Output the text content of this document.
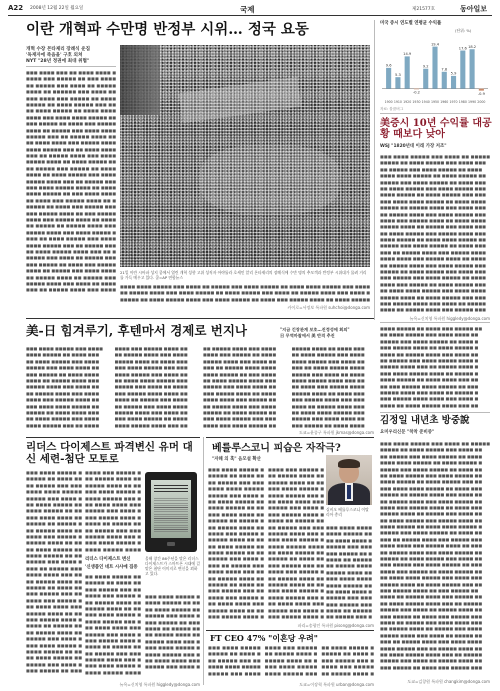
A22 2008년 12월 22일 월요일	국제	제21577호	동아일보
이란 개혁파 수만명 반정부 시위… 정국 요동
개혁 수장 몬타제리 장례식 운집
'독재자에 죽음을' 구호 외쳐
NYT "28년 정권에 최대 위협"
■■■ ■■■■ ■■■ ■■ ■■■■ ■■■■ ■
■■■■ ■■■ ■■■■■ ■■ ■■■ ■■■■
■■ ■■■■■ ■■■ ■■■■ ■■ ■■■■■
■■■■ ■■ ■■■■■■ ■■■ ■■■■ ■■
■■■ ■■■■ ■■■ ■■■■■ ■■ ■■■■
■■■■■ ■■ ■■■■ ■■■■■ ■■■ ■■
■■ ■■■■ ■■■■■ ■■ ■■■■ ■■■■
■■■■ ■■■ ■■■■ ■■■■ ■■■■■ ■■
■■■ ■■■■■ ■■ ■■■■ ■■■ ■■■■■
■■■■ ■■ ■■■■■ ■■■ ■■■■ ■■■■
■■■■■ ■■■ ■■ ■■■■■ ■■■■ ■■
■■ ■■■■ ■■■■ ■■■ ■■■■■ ■■■■
■■■■ ■■■■■ ■■■ ■■ ■■■■ ■■■■
■■■ ■■ ■■■■■ ■■■■ ■■■ ■■■■
■■■■■ ■■■■ ■■ ■■■■ ■■■■■ ■■
■■ ■■■■■ ■■■ ■■■■■ ■■ ■■■■
■■■■ ■■ ■■■■ ■■■■■ ■■■ ■■■■
■■■■■ ■■■■ ■■■ ■■ ■■■■■ ■■■
■■■ ■■■■ ■■■■■ ■■■■ ■■ ■■■■
■■■■ ■■■■■ ■■ ■■■ ■■■■ ■■■■
■■ ■■■■ ■■■ ■■■■■ ■■■■ ■■ ■
■■■■■ ■■ ■■■■ ■■■ ■■■■■ ■■■
■■■ ■■■■■ ■■■■ ■■ ■■■ ■■■■■
■■■■ ■■■ ■■■■■ ■■■■ ■■ ■■■■
■■ ■■■■■ ■■ ■■■■■ ■■■■ ■■■
■■■■■ ■■■■ ■■■ ■■■■ ■■■■■ ■
■■■ ■■ ■■■■ ■■■■■ ■■■ ■■■■
■■■■ ■■■■■ ■■■ ■■ ■■■■■ ■■■
■■ ■■■■ ■■■■■ ■■■■ ■■■ ■■ ■
■■■■■ ■■■ ■■■■ ■■ ■■■■■ ■■■
■■■ ■■■■■ ■■ ■■■■ ■■■ ■■■■■
■■■■ ■■ ■■■■■ ■■■ ■■■■ ■■■■
■■ ■■■■■ ■■■■ ■■ ■■■■■ ■■■
■■■■■ ■■■■ ■■■ ■■■■ ■■ ■■■■
■■■ ■■ ■■■■■ ■■■■ ■■■ ■■■■
21일 이란 시아파 성지 쿰에서 열린 개혁 성향 고위 성직자 아야톨라 호세인 알리 몬타제리의 장례식에 수만 명의 추모객과 반정부 시위대가 몰려 거리를 가득 메우고 있다. 쿰=AP 연합뉴스
■■■■ ■■■■ ■■■■■ ■■■ ■■■■ ■■ ■■■■■ ■■■ ■■■■ ■■■■■ ■■ ■■■■ ■■■■ ■■■■■ ■■■ ■■■■
■■ ■■■■■ ■■■■ ■■■ ■■■■ ■■■■■ ■■ ■■■■ ■■■■■ ■■■ ■■■■ ■■ ■■■■■ ■■■■ ■■■ ■■■■ ■
■■■■■ ■■ ■■■■ ■■■■■ ■■■■ ■■■ ■■■■ ■■■■■ ■■ ■■■■ ■■■ ■■■■■ ■■■■ ■■ ■■■■ ■■■■■
카이로=서정보 특파원 suhchoi@donga.com
미국 증시 연도별 연평균 수익률
(단위: %)
9.6
1900
5.3
1910
14.9
1920
-0.2
1930
9.2
1940
19.4
1950
7.8
1960
5.9
1970
17.6
1980
18.2
1990
-0.9
2000
자료: 블룸버그
美증시 10년 수익률 대공황 때보다 낮아
WSJ "1820년대 이래 가장 저조"
■■■ ■■■■ ■■■■■ ■■■ ■■■■ ■■ ■■■■■
■■■■■ ■■ ■■■■ ■■■■■ ■■■ ■■■■ ■■■
■■ ■■■■■ ■■■ ■■■■ ■■■■■ ■■ ■■■■
■■■■ ■■■■ ■■■■■ ■■ ■■■■ ■■■■■ ■■
■■■■■ ■■■ ■■■■ ■■■■■ ■■ ■■■■ ■■■
■■ ■■■■ ■■■■■ ■■■ ■■■■ ■■■■■ ■■■
■■■■ ■■■■■ ■■ ■■■■ ■■■■■ ■■■ ■■■
■■■ ■■■■ ■■■■ ■■■■■ ■■ ■■■■ ■■■■
■■■■■ ■■ ■■■■■ ■■■■ ■■■ ■■■■ ■■■
■■ ■■■■■ ■■■■ ■■■ ■■■■ ■■■■■ ■■■
■■■■ ■■■ ■■■■■ ■■■■ ■■ ■■■■ ■■■■
■■■■■ ■■■■ ■■ ■■■■■ ■■■ ■■■■ ■■■
■■ ■■■■ ■■■■■ ■■■ ■■■■■ ■■■■ ■■■
■■■■ ■■■■■ ■■ ■■■■ ■■■■ ■■■■■ ■■
■■■■■ ■■■ ■■■■ ■■■■■ ■■ ■■■■ ■■■
■■■ ■■ ■■■■■ ■■■■ ■■■ ■■■■■ ■■■■
■■■■ ■■■■ ■■■ ■■■■■ ■■■■ ■■ ■■■■
■■ ■■■■■ ■■■■ ■■■ ■■■■ ■■■■■ ■■■
■■■■■ ■■ ■■■■ ■■■■■ ■■■ ■■■■ ■■■
■■■ ■■■■■ ■■■ ■■■■ ■■■■■ ■■ ■■■■
■■■■ ■■■ ■■■■■ ■■ ■■■■ ■■■■■ ■■■
■■ ■■■■ ■■■■ ■■■■■ ■■■ ■■■■ ■■■■
■■■■■ ■■■■ ■■ ■■■■ ■■■■■ ■■■ ■■■
■■■ ■■■■■ ■■■■ ■■■ ■■■■ ■■ ■■■■■
■■■■ ■■ ■■■■■ ■■■■ ■■■ ■■■■■ ■■■
뉴욕=신치영 특파원 higgledy@donga.com
美-日 힘겨루기, 후텐마서 경제로 번지나	"지금 긴장관계 보호…진정성에 회의"
日 무역마찰에서 美 반격 추진
■■■ ■■■■ ■■■■■ ■■■ ■■■■
■■■■ ■■■■■ ■■ ■■■■ ■■■
■■ ■■■■ ■■■■■ ■■■ ■■■■
■■■■■ ■■■ ■■■■ ■■■■ ■■
■■■ ■■■■■ ■■ ■■■■ ■■■■
■■■■ ■■ ■■■■■ ■■■■ ■■■
■■■■■ ■■■■ ■■■ ■■■■ ■■
■■ ■■■■■ ■■■■ ■■■ ■■■■
■■■■ ■■■ ■■■■■ ■■■■ ■■
■■■ ■■■■ ■■■■ ■■■■■ ■■
■■■■■ ■■ ■■■■ ■■■■ ■■■
■■ ■■■■ ■■■■■ ■■■ ■■■■
■■■■ ■■■■■ ■■■ ■■ ■■■■
■■■■ ■■■ ■■■■■ ■■■■ ■■
■■ ■■■■■ ■■■■ ■■■ ■■■■
■■■■■ ■■■■ ■■ ■■■■ ■■■
■■■ ■■■■ ■■■■■ ■■■ ■■■
■■■■ ■■■■■ ■■■ ■■■■ ■■
■■ ■■■■ ■■■■ ■■■■■ ■■■
■■■■■ ■■■ ■■■■ ■■ ■■■■
■■■ ■■■■■ ■■■■ ■■■■ ■■
■■■■ ■■ ■■■■■ ■■■ ■■■■
■■ ■■■■■ ■■■ ■■■■ ■■■■
■■■■■ ■■■■ ■■■ ■■■■ ■■
■■■ ■■■■ ■■■■■ ■■ ■■■■
■■■■ ■■■■■ ■■■■ ■■■ ■■
■■ ■■■■■ ■■■■ ■■■ ■■■■
■■■■ ■■■ ■■■■■ ■■ ■■■■
■■■■■ ■■■■ ■■■ ■■■■ ■■
■■■ ■■ ■■■■■ ■■■■ ■■■■
■■■■ ■■■■■ ■■ ■■■ ■■■■
■■ ■■■■ ■■■■■ ■■■■ ■■■
■■■■■ ■■■ ■■■■ ■■■■ ■■
■■■ ■■■■■ ■■■■ ■■ ■■■■
■■■■ ■■■■ ■■■ ■■■■■ ■■
■■ ■■■■■ ■■■■ ■■■ ■■■■
■■■■■ ■■ ■■■■ ■■■■■ ■■
■■■ ■■■■ ■■■■■ ■■■ ■■■
■■■■ ■■■ ■■■■ ■■■■■ ■■
■■■■■ ■■■■ ■■ ■■■■ ■■■
■■ ■■■■ ■■■■■ ■■■ ■■■■
■■■■ ■■■■■ ■■■ ■■■■ ■■
■■■ ■■ ■■■■ ■■■■■ ■■■■
■■■■■ ■■■ ■■■■ ■■ ■■■■
■■■■ ■■■■■ ■■■■ ■■■ ■■
■■ ■■■■ ■■■ ■■■■■ ■■■■
■■■■■ ■■■■ ■■ ■■■■ ■■■
■■■ ■■■■■ ■■■■ ■■■ ■■■
■■■■ ■■ ■■■■■ ■■■■ ■■■
■■ ■■■■ ■■■■ ■■■■■ ■■■
■■■■■ ■■■ ■■■■ ■■■■ ■■
■■■ ■■■■■ ■■ ■■■■ ■■■■
도쿄=윤종구 특파원 jkmas@donga.com
■■■■ ■■■■■ ■■ ■■■■ ■■■ ■■■■■ ■■
■■ ■■■■ ■■■■■ ■■■ ■■■■ ■■■■ ■■
■■■■■ ■■■ ■■■■ ■■■■■ ■■ ■■■■ ■
■■■ ■■■■■ ■■■■ ■■ ■■■■ ■■■■■ ■
■■■■ ■■ ■■■■■ ■■■■ ■■■ ■■■■ ■■
■■ ■■■■■ ■■■ ■■■■ ■■■■■ ■■■■ ■
■■■■■ ■■■■ ■■■ ■■ ■■■■■ ■■■■ ■
■■■ ■■■■ ■■■■■ ■■■■ ■■ ■■■■■ ■
■■■■ ■■■■■ ■■ ■■■■ ■■■■ ■■■ ■■
■■ ■■■ ■■■■■ ■■■■ ■■■■■ ■■ ■■■
■■■■■ ■■■■ ■■■ ■■■■ ■■ ■■■■■ ■
■■■ ■■■■■ ■■■■ ■■■■ ■■■ ■■■■ ■
■■■■ ■■ ■■■■ ■■■■■ ■■■■ ■■■ ■■
김정일 내년초 방중說
요미우리신문 "착착 준비중"
■■■ ■■■■ ■■■■■ ■■■ ■■■■ ■■ ■■■■■
■■■■■ ■■ ■■■■ ■■■■■ ■■■ ■■■■ ■■
■■ ■■■■■ ■■■ ■■■■ ■■■■■ ■■ ■■■■
■■■■ ■■■■ ■■■■■ ■■ ■■■■ ■■■■■ ■
■■■■■ ■■■ ■■■■ ■■■■■ ■■ ■■■■ ■■
■■ ■■■■ ■■■■■ ■■■ ■■■■ ■■■■■ ■■
■■■■ ■■■■■ ■■ ■■■■ ■■■■■ ■■■ ■■
■■■ ■■■■ ■■■■ ■■■■■ ■■ ■■■■ ■■■
■■■■■ ■■ ■■■■■ ■■■■ ■■■ ■■■■ ■■
■■ ■■■■■ ■■■■ ■■■ ■■■■ ■■■■■ ■■
■■■■ ■■■ ■■■■■ ■■■■ ■■ ■■■■ ■■■
■■■■■ ■■■■ ■■ ■■■■■ ■■■ ■■■■ ■■
■■ ■■■■ ■■■■■ ■■■ ■■■■■ ■■■■ ■■
■■■■ ■■■■■ ■■ ■■■■ ■■■■ ■■■■■ ■
■■■■■ ■■■ ■■■■ ■■■■■ ■■ ■■■■ ■■
■■■ ■■ ■■■■■ ■■■■ ■■■ ■■■■■ ■■■
■■■■ ■■■■ ■■■ ■■■■■ ■■■■ ■■ ■■■
■■ ■■■■■ ■■■■ ■■■ ■■■■ ■■■■■ ■■
■■■■■ ■■ ■■■■ ■■■■■ ■■■ ■■■■ ■■
■■■ ■■■■■ ■■■ ■■■■ ■■■■■ ■■ ■■■
■■■■ ■■■ ■■■■■ ■■ ■■■■ ■■■■■ ■■
■■ ■■■■ ■■■■ ■■■■■ ■■■ ■■■■ ■■■
■■■■■ ■■■■ ■■ ■■■■ ■■■■■ ■■■ ■■
■■■ ■■■■■ ■■■■ ■■ ■■■ ■■■■■ ■■
■■■■ ■■ ■■■■■ ■■■■ ■■■ ■■■■■ ■■
■■ ■■■■ ■■■■■ ■■■■ ■■■ ■■ ■■■■■
■■■■■ ■■■ ■■■■ ■■ ■■■■■ ■■■■ ■■
■■■ ■■■■■ ■■ ■■■■ ■■■ ■■■■■ ■■■
■■■■ ■■ ■■■■■ ■■■ ■■■■ ■■■■ ■■■
■■ ■■■■■ ■■■■ ■■ ■■■■■ ■■■ ■■■■
■■■■■ ■■■■ ■■■ ■■■■ ■■ ■■■■■ ■■
■■■ ■■ ■■■■■ ■■■■ ■■■ ■■■■ ■■■■
■■■■ ■■■■■ ■■■ ■■ ■■■■■ ■■■■ ■■
■■ ■■■■ ■■■■■ ■■■■ ■■■ ■■ ■■■■■
■■■■■ ■■■ ■■■■ ■■ ■■■■■ ■■■■ ■■
■■■ ■■■■■ ■■ ■■■■ ■■■ ■■■■■ ■■■
도쿄=김창원 특파원 changkim@donga.com
리더스 다이제스트 파격변신 유머 대신 세련-첨단 모토로
■■■ ■■■■ ■■■■■ ■
■■■■■ ■■ ■■■■ ■■
■■ ■■■■■ ■■■ ■■■
■■■■ ■■■■ ■■■■■
■■■■■ ■■■ ■■■■ ■
■■ ■■■■ ■■■■■ ■■
■■■■ ■■■■■ ■■ ■■
■■■ ■■■■ ■■■■ ■■
■■■■■ ■■ ■■■■■ ■
■■ ■■■■■ ■■■■ ■■
■■■■ ■■■ ■■■■■ ■
■■■■■ ■■■■ ■■ ■■
■■ ■■■■ ■■■■■ ■■
■■■■ ■■■■■ ■■ ■■
■■■■■ ■■■ ■■■■ ■
■■■ ■■ ■■■■■ ■■■
■■■■ ■■■■ ■■■ ■■
■■ ■■■■■ ■■■■ ■■
■■■■■ ■■ ■■■■ ■■
■■■ ■■■■■ ■■■ ■■
■■■■ ■■■ ■■■■■ ■
■■ ■■■■ ■■■■ ■■■
■■■■■ ■■■■ ■■ ■■
■■■ ■■■■■ ■■■■ ■
■■■■ ■■ ■■■■■ ■■
■■ ■■■■■ ■■■■ ■■
■■■■■ ■■■ ■■■■ ■
■■■ ■■■■ ■■■■■ ■
■■■■ ■■■■■ ■■ ■■
■■ ■■■■ ■■■■■ ■■
■■■■■ ■■■ ■■■■ ■
■■■ ■■■■■ ■■ ■■■
■■■■ ■■■ ■■■■■ ■
■■ ■■■■■ ■■■■ ■■
■■■■■ ■■■■ ■■ ■■
■■■ ■■■■ ■■■■■ ■
■■■■ ■■■■■ ■■■ ■
■■ ■■■■ ■■■■ ■■■
■■■■■ ■■■ ■■■■ ■
■■■ ■■■■■ ■■■■ ■
■■■■ ■■ ■■■■■ ■■
■■ ■■■■■ ■■■ ■■■
■■■■■ ■■■■ ■■■ ■
■■■ ■■■■ ■■■■■ ■
■■■■ ■■■■■ ■■■■
리더스 다이제스트 변신
'신생품인 네트 시사에 집중
■■ ■■■■ ■■■■■ ■■
■■■■■ ■■ ■■■■ ■■
■■■ ■■■■■ ■■■ ■■
■■■■ ■■■ ■■■■■ ■
■■ ■■■■■ ■■■■ ■■
■■■■■ ■■■■ ■■ ■■
■■■ ■■■■ ■■■■■ ■
■■■■ ■■■■■ ■■■ ■
■■ ■■■■ ■■■■ ■■■
■■■■■ ■■■ ■■■■ ■
■■■ ■■■■■ ■■■■ ■
■■■■ ■■ ■■■■■ ■■
■■ ■■■■■ ■■■ ■■■
■■■■■ ■■■■ ■■■ ■
■■■ ■■■■ ■■■■■ ■
■■■■ ■■■■■ ■■■■
올해 창간 86주년을 맞은 리더스 다이제스트가 스마트폰 시대에 걸맞은 첨단 이미지로 변신을 꾀하고 있다.
■■■ ■■■■ ■■■■■ ■
■■■■ ■■■■■ ■■ ■■
■■ ■■■■ ■■■■■ ■■
■■■■■ ■■■ ■■■■ ■
■■■ ■■■■■ ■■ ■■■
■■■■ ■■ ■■■■■ ■■
■■ ■■■■■ ■■■■ ■■
■■■■■ ■■■■ ■■■ ■
■■■ ■■■■ ■■■■■ ■
■■■■ ■■■■■ ■■■ ■
■■ ■■■■ ■■■■ ■■■
■■■■■ ■■■ ■■■■ ■
뉴욕=신치영 특파원 higgledy@donga.com
베를루스코니 피습은 자작극?
"자해 의 혹" 음모설 확산
■■■ ■■■■ ■■■■■ ■
■■■■■ ■■ ■■■■ ■■
■■ ■■■■■ ■■■ ■■■
■■■■ ■■■■ ■■■■■
■■■■■ ■■■ ■■■■ ■
■■ ■■■■ ■■■■■ ■■
■■■■ ■■■■■ ■■ ■■
■■■ ■■■■ ■■■■ ■■
■■■■■ ■■ ■■■■■ ■
■■ ■■■■■ ■■■■ ■■
■■■■ ■■■ ■■■■■ ■
■■■■■ ■■■■ ■■ ■■
■■ ■■■■ ■■■■■ ■■
■■■■ ■■■■■ ■■ ■■
■■■■■ ■■■ ■■■■ ■
■■■ ■■ ■■■■■ ■■■
■■■■ ■■■■ ■■■ ■■
■■ ■■■■■ ■■■■ ■■
■■■■■ ■■ ■■■■ ■■
■■■ ■■■■■ ■■■ ■■
■■■■ ■■■ ■■■■■ ■
■■ ■■■■ ■■■■ ■■■
■■■■■ ■■■■ ■■ ■■
■■■ ■■■■■ ■■■■ ■
■■■■ ■■■ ■■■■■ ■
■■ ■■■■■ ■■■■ ■■
■■■■■ ■■■■ ■■ ■■
■■■ ■■■■ ■■■■■ ■
■■■■ ■■■■■ ■■■ ■
■■ ■■■■ ■■■■ ■■■
■■■■■ ■■■ ■■■■ ■
■■■ ■■■■■ ■■■■ ■
■■■■ ■■ ■■■■■ ■■
■■ ■■■■■ ■■■ ■■■
■■■■■ ■■■■ ■■■ ■
■■■ ■■■■ ■■■■■ ■
■■■■ ■■■■■ ■■■■
■■ ■■■■ ■■■■■ ■■
■■■■■ ■■ ■■■■ ■■
■■■ ■■■■■ ■■■ ■■
■■■■ ■■■ ■■■■■ ■
■■ ■■■■■ ■■■■ ■■
■■■■■ ■■■■ ■■ ■■
■■■ ■■■■ ■■■■■ ■
■■■■ ■■■■■ ■■■ ■
■■ ■■■■ ■■■■ ■■■
■■■■■ ■■■ ■■■■ ■
■■■ ■■■■■ ■■■■ ■
실비오 베를루스코니 이탈리아 총리
■■■ ■■■■ ■■■■
■■■■ ■■■■■ ■■
■■ ■■■■ ■■■■ ■
■■■■■ ■■■ ■■■
■■■ ■■■■■ ■■ ■
■■■■ ■■ ■■■■■
■■ ■■■■■ ■■■■
■■■■■ ■■■■ ■■
■■■ ■■■■ ■■■■
■■■■ ■■■■■ ■■
■■ ■■■■ ■■■■ ■
■■■■■ ■■■ ■■■
■■■ ■■■■■ ■■■
■■■■ ■■ ■■■■■
■■ ■■■■■ ■■■ ■
파리=송평인 특파원 pisong@donga.com
FT CEO 47% "이혼당 우려"
■■■ ■■■■ ■■■■■
■■■■■ ■■ ■■■■ ■
■■ ■■■■■ ■■■ ■■
■■■■ ■■■■ ■■■■■
■■■■■ ■■■ ■■■■
■■■■ ■■■ ■■■■■
■■ ■■■■■ ■■■■ ■
■■■■■ ■■■■ ■■ ■
■■■ ■■■■ ■■■■■
■■■■ ■■■■■ ■■■
■■ ■■■■ ■■■■■ ■
■■■■■ ■■ ■■■■ ■
■■■ ■■■■■ ■■■ ■
■■■■ ■■■ ■■■■■
■■ ■■■■■ ■■■■ ■
도쿄=이장혁 특파원 urban@donga.com
